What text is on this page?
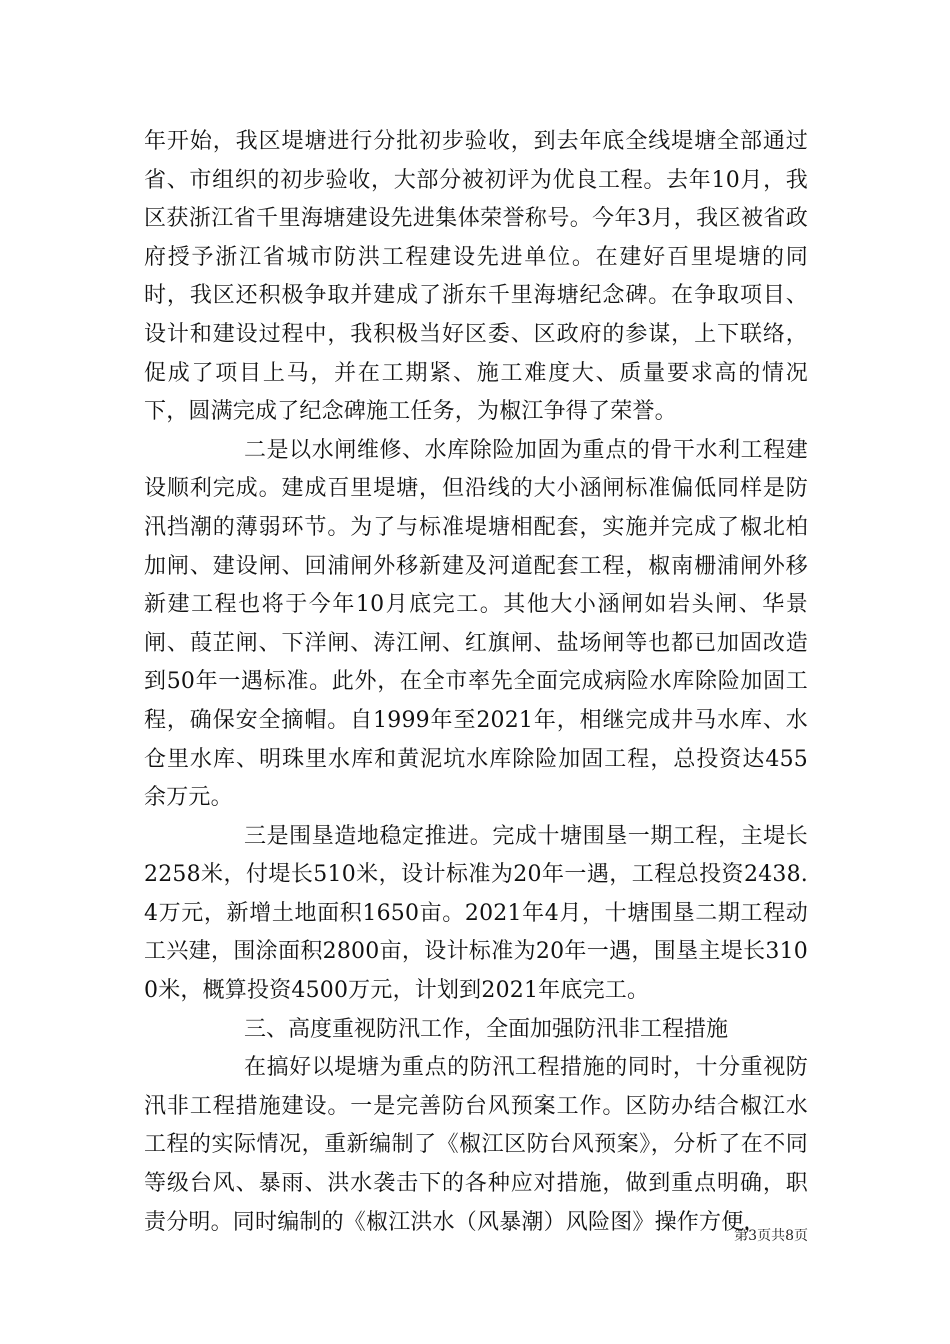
年开始，我区堤塘进行分批初步验收，到去年底全线堤塘全部通过省、市组织的初步验收，大部分被初评为优良工程。去年10月，我区获浙江省千里海塘建设先进集体荣誉称号。今年3月，我区被省政府授予浙江省城市防洪工程建设先进单位。在建好百里堤塘的同时，我区还积极争取并建成了浙东千里海塘纪念碑。在争取项目、设计和建设过程中，我积极当好区委、区政府的参谋，上下联络，促成了项目上马，并在工期紧、施工难度大、质量要求高的情况下，圆满完成了纪念碑施工任务，为椒江争得了荣誉。

二是以水闸维修、水库除险加固为重点的骨干水利工程建设顺利完成。建成百里堤塘，但沿线的大小涵闸标准偏低同样是防汛挡潮的薄弱环节。为了与标准堤塘相配套，实施并完成了椒北柏加闸、建设闸、回浦闸外移新建及河道配套工程，椒南栅浦闸外移新建工程也将于今年10月底完工。其他大小涵闸如岩头闸、华景闸、葭芷闸、下洋闸、涛江闸、红旗闸、盐场闸等也都已加固改造到50年一遇标准。此外，在全市率先全面完成病险水库除险加固工程，确保安全摘帽。自1999年至2021年，相继完成井马水库、水仓里水库、明珠里水库和黄泥坑水库除险加固工程，总投资达455余万元。

三是围垦造地稳定推进。完成十塘围垦一期工程，主堤长2258米，付堤长510米，设计标准为20年一遇，工程总投资2438.4万元，新增土地面积1650亩。2021年4月，十塘围垦二期工程动工兴建，围涂面积2800亩，设计标准为20年一遇，围垦主堤长3100米，概算投资4500万元，计划到2021年底完工。

三、高度重视防汛工作，全面加强防汛非工程措施

在搞好以堤塘为重点的防汛工程措施的同时，十分重视防汛非工程措施建设。一是完善防台风预案工作。区防办结合椒江水工程的实际情况，重新编制了《椒江区防台风预案》，分析了在不同等级台风、暴雨、洪水袭击下的各种应对措施，做到重点明确，职责分明。同时编制的《椒江洪水（风暴潮）风险图》操作方便，

第3页共8页
